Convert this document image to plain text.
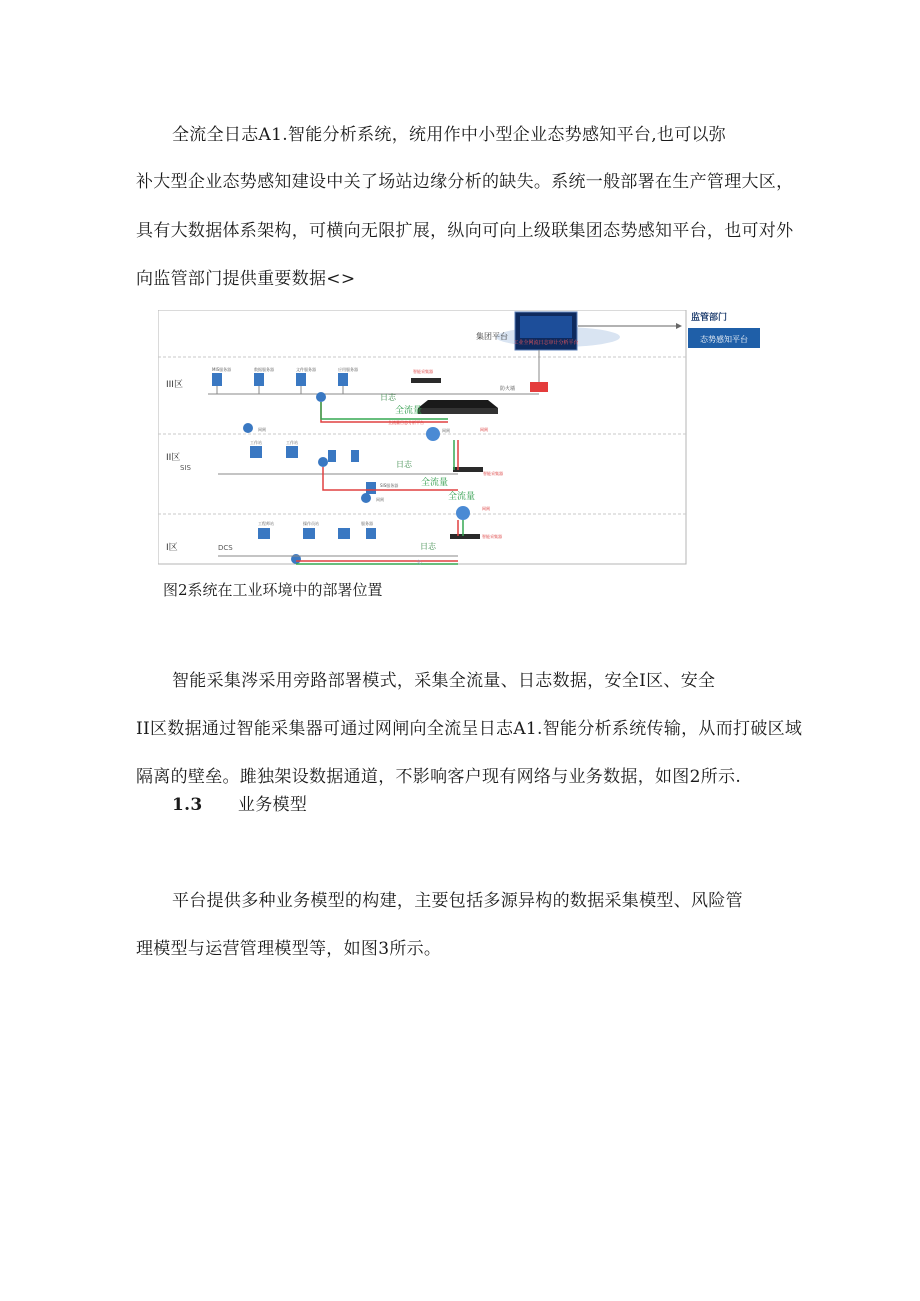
全流全日志A1.智能分析系统，统用作中小型企业态势感知平台,也可以弥
补大型企业态势感知建设中关了场站边缘分析的缺失。系统一般部署在生产管理大区，
具有大数据体系架构，可横向无限扩展，纵向可向上级联集团态势感知平台，也可对外
向监管部门提供重要数据<>
工业全网流日志审计分析平台
集团平台
监管部门
态势感知平台
III区
II区
SIS
I区	DCS
MIS服务器	数据服务器	文件服务器	应用服务器
防火墙
智能采集器
智能采集器
智能采集器
全流量日志分析平台
网闸	网闸	网闸
网闸
网闸
工作站	工作站
SIS服务器
工程师站	操作员站	服务器
日志
全流量
日志
全流量
全流量
日志
文·
图2系统在工业环境中的部署位置
智能采集涔采用旁路部署模式，采集全流量、日志数据，安全I区、安全
II区数据通过智能采集器可通过网闸向全流呈日志A1.智能分析系统传输，从而打破区域
隔离的壁垒。雎独架设数据通道，不影响客户现有网络与业务数据，如图2所示.
1.3 业务模型
平台提供多种业务模型的构建，主要包括多源异构的数据采集模型、风险管
理模型与运营管理模型等，如图3所示。
